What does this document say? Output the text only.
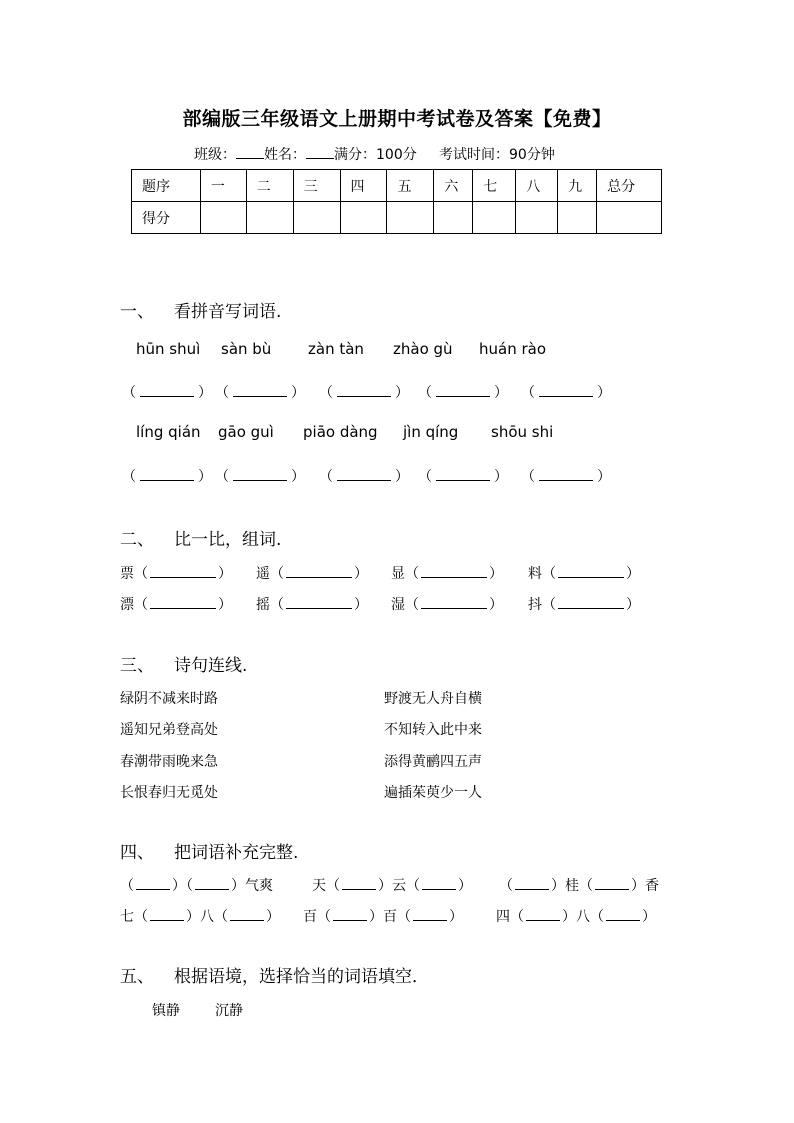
部编版三年级语文上册期中考试卷及答案【免费】
班级： 姓名： 满分：100分 考试时间：90分钟
题序	一	二	三	四	五	六	七	八	九	总分
得分										
一、 看拼音写词语.
hūn shuì sàn bù zàn tàn zhào gù huán rào
（	） （	） （	） （	） （	）
líng qián gāo guì piāo dàng jìn qíng shōu shi
（	） （	） （	） （	） （	）
二、 比一比，组词.
票（	） 遥（	） 显（	） 料（	）
漂（	） 摇（	） 湿（	） 抖（	）
三、 诗句连线.
绿阴不减来时路
遥知兄弟登高处
春潮带雨晚来急
长恨春归无觅处
野渡无人舟自横
不知转入此中来
添得黄鹂四五声
遍插茱萸少一人
四、 把词语补充完整.
（	）（	）气爽	天（	）云（	） （	）桂（	）香
七（	）八（	） 百（	）百（	） 四（	）八（	）
五、 根据语境，选择恰当的词语填空．
镇静	沉静
